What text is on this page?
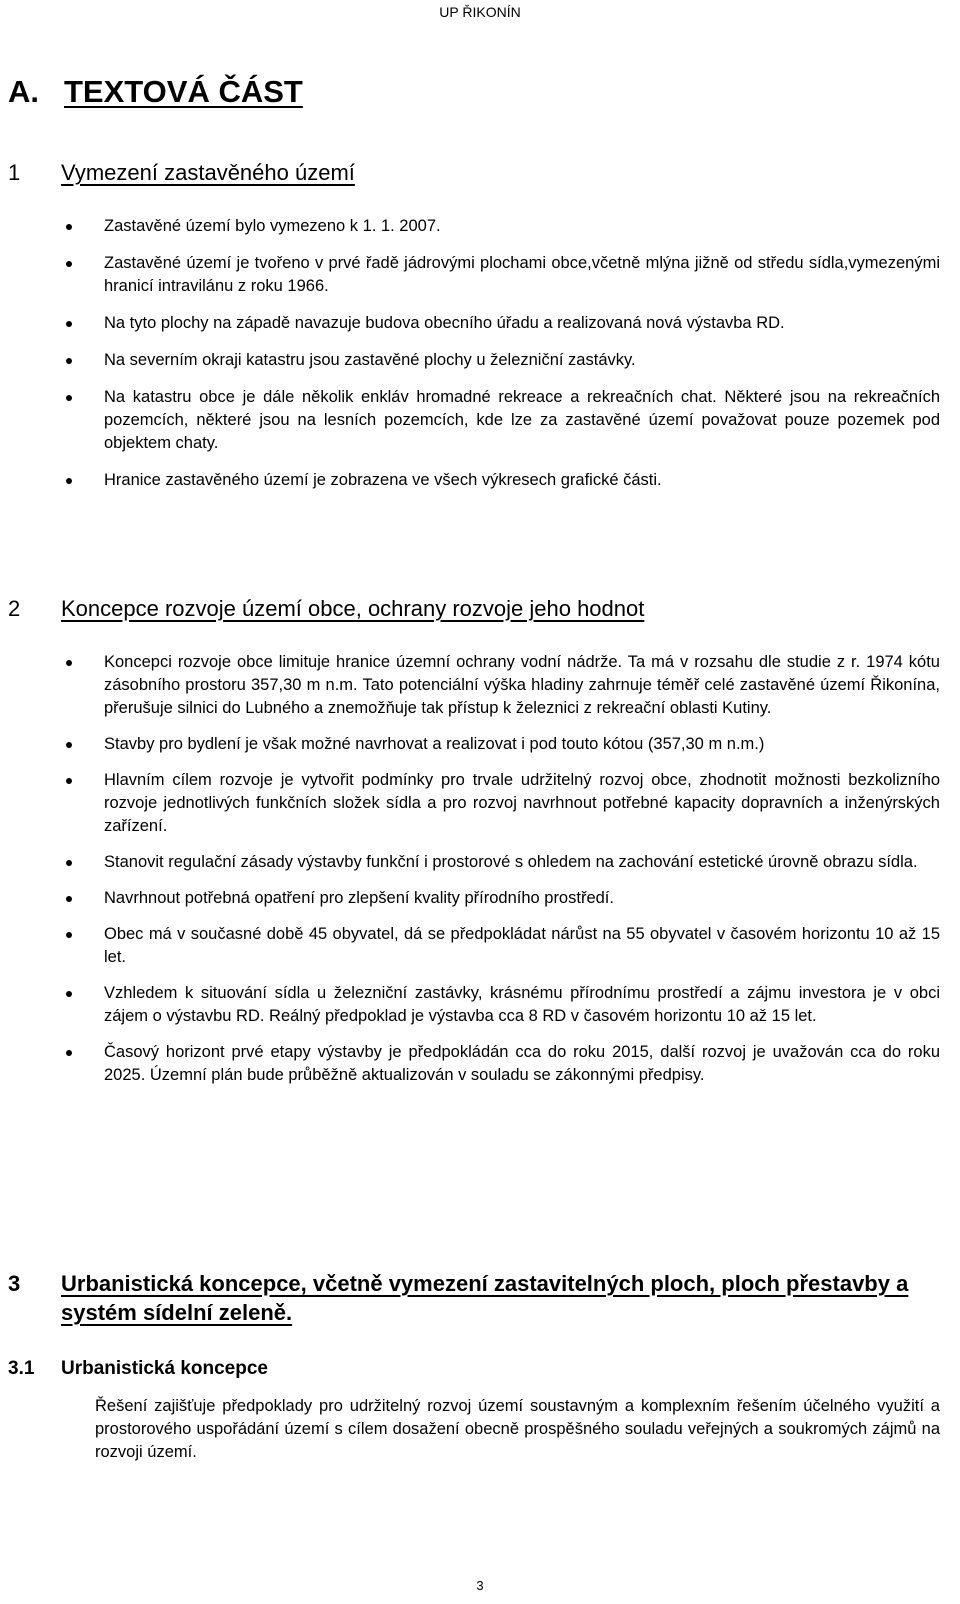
UP ŘIKONÍN
A. TEXTOVÁ ČÁST
1 Vymezení zastavěného území
Zastavěné území bylo vymezeno k 1. 1. 2007.
Zastavěné území je tvořeno v prvé řadě jádrovými plochami obce,včetně mlýna jižně od středu sídla,vymezenými hranicí intravilánu z roku 1966.
Na tyto plochy na západě navazuje budova obecního úřadu a realizovaná nová výstavba RD.
Na severním okraji katastru jsou zastavěné plochy u železniční zastávky.
Na katastru obce je dále několik enkláv hromadné rekreace a rekreačních chat. Některé jsou na rekreačních pozemcích, některé jsou na lesních pozemcích, kde lze za zastavěné území považovat pouze pozemek pod objektem chaty.
Hranice zastavěného území je zobrazena ve všech výkresech grafické části.
2 Koncepce rozvoje území obce, ochrany rozvoje jeho hodnot
Koncepci rozvoje obce limituje hranice územní ochrany vodní nádrže. Ta má v rozsahu dle studie z r. 1974 kótu zásobního prostoru 357,30 m n.m. Tato potenciální výška hladiny zahrnuje téměř celé zastavěné území Řikonína, přerušuje silnici do Lubného a znemožňuje tak přístup k železnici z rekreační oblasti Kutiny.
Stavby pro bydlení je však možné navrhovat a realizovat i pod touto kótou (357,30 m n.m.)
Hlavním cílem rozvoje je vytvořit podmínky pro trvale udržitelný rozvoj obce, zhodnotit možnosti bezkolizního rozvoje jednotlivých funkčních složek sídla a pro rozvoj navrhnout potřebné kapacity dopravních a inženýrských zařízení.
Stanovit regulační zásady výstavby funkční i prostorové s ohledem na zachování estetické úrovně obrazu sídla.
Navrhnout potřebná opatření pro zlepšení kvality přírodního prostředí.
Obec má v současné době 45 obyvatel, dá se předpokládat nárůst na 55 obyvatel v časovém horizontu 10 až 15 let.
Vzhledem k situování sídla u železniční zastávky, krásnému přírodnímu prostředí a zájmu investora je v obci zájem o výstavbu RD. Reálný předpoklad je výstavba cca 8 RD v časovém horizontu 10 až 15 let.
Časový horizont prvé etapy výstavby je předpokládán cca do roku 2015, další rozvoj je uvažován cca do roku 2025. Územní plán bude průběžně aktualizován v souladu se zákonnými předpisy.
3 Urbanistická koncepce, včetně vymezení zastavitelných ploch, ploch přestavby a systém sídelní zeleně.
3.1 Urbanistická koncepce

Řešení zajišťuje předpoklady pro udržitelný rozvoj území soustavným a komplexním řešením účelného využití a prostorového uspořádání území s cílem dosažení obecně prospěšného souladu veřejných a soukromých zájmů na rozvoji území.

3
